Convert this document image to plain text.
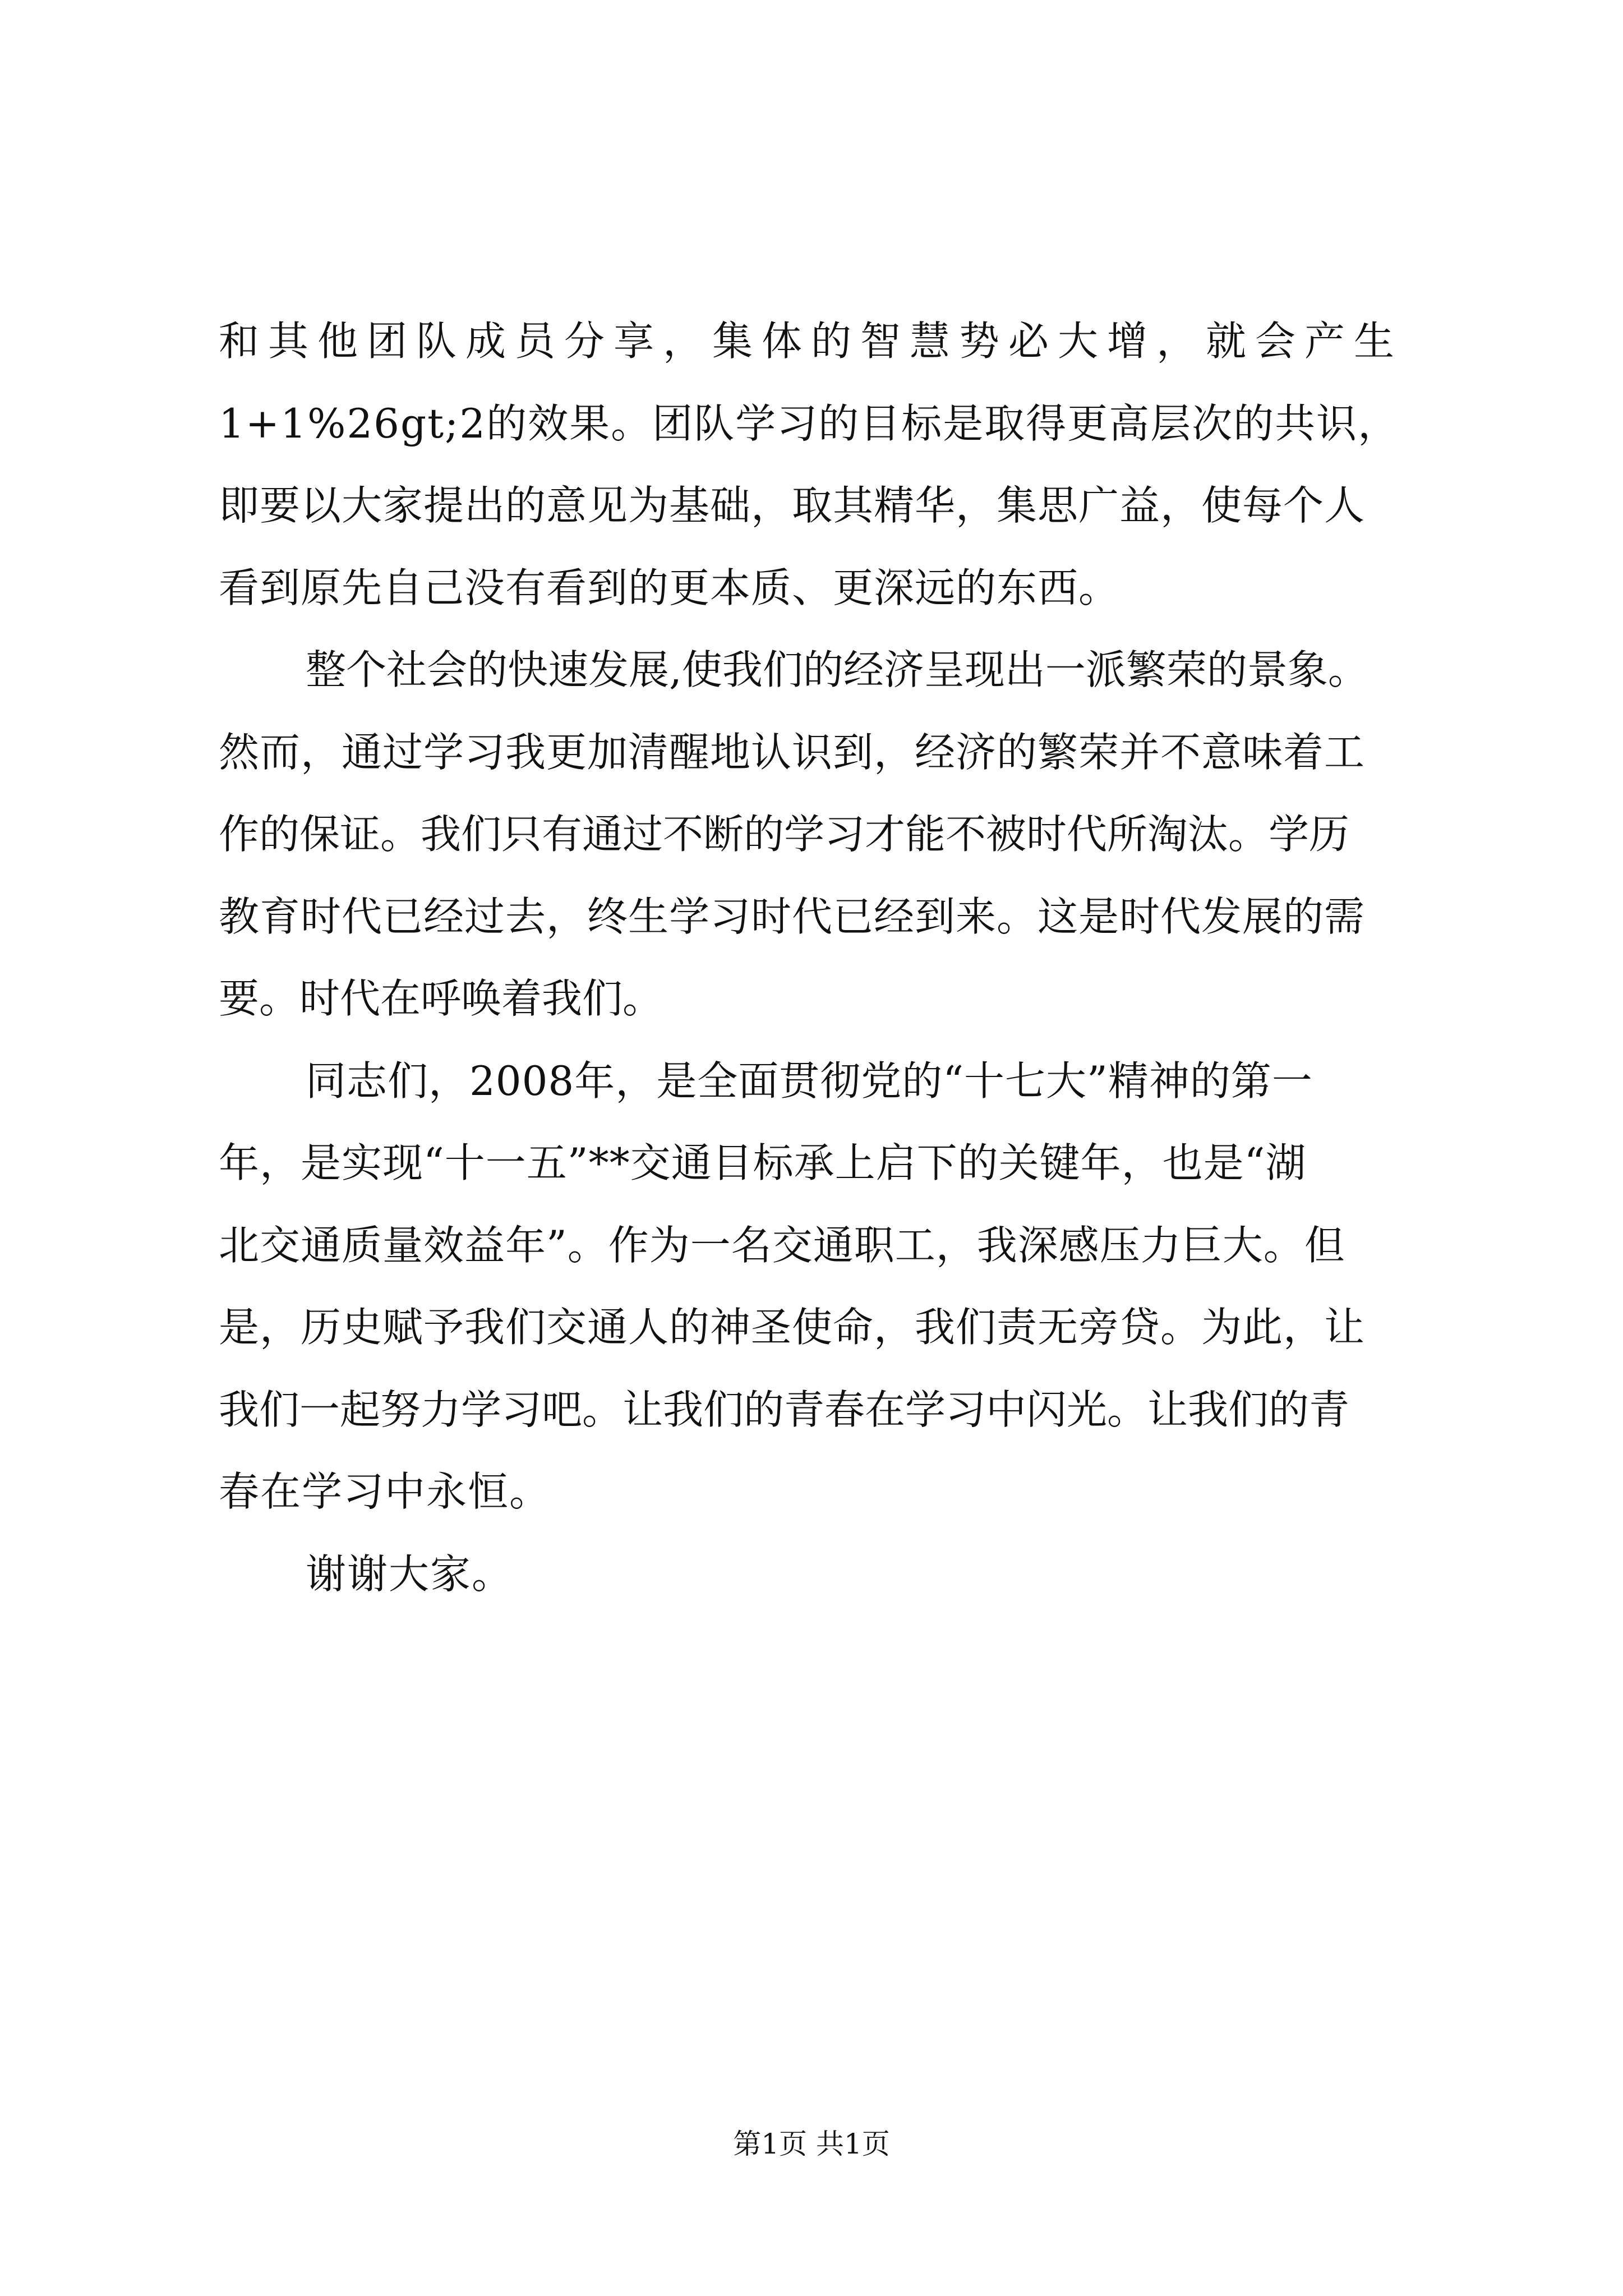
和其他团队成员分享，集体的智慧势必大增，就会产生
1+1%26gt;2的效果。团队学习的目标是取得更高层次的共识，
即要以大家提出的意见为基础，取其精华，集思广益，使每个人
看到原先自己没有看到的更本质、更深远的东西。
整个社会的快速发展,使我们的经济呈现出一派繁荣的景象。
然而，通过学习我更加清醒地认识到，经济的繁荣并不意味着工
作的保证。我们只有通过不断的学习才能不被时代所淘汰。学历
教育时代已经过去，终生学习时代已经到来。这是时代发展的需
要。时代在呼唤着我们。
同志们，2008年，是全面贯彻党的“十七大”精神的第一
年，是实现“十一五”**交通目标承上启下的关键年，也是“湖
北交通质量效益年”。作为一名交通职工，我深感压力巨大。但
是，历史赋予我们交通人的神圣使命，我们责无旁贷。为此，让
我们一起努力学习吧。让我们的青春在学习中闪光。让我们的青
春在学习中永恒。
谢谢大家。
第1页 共1页
